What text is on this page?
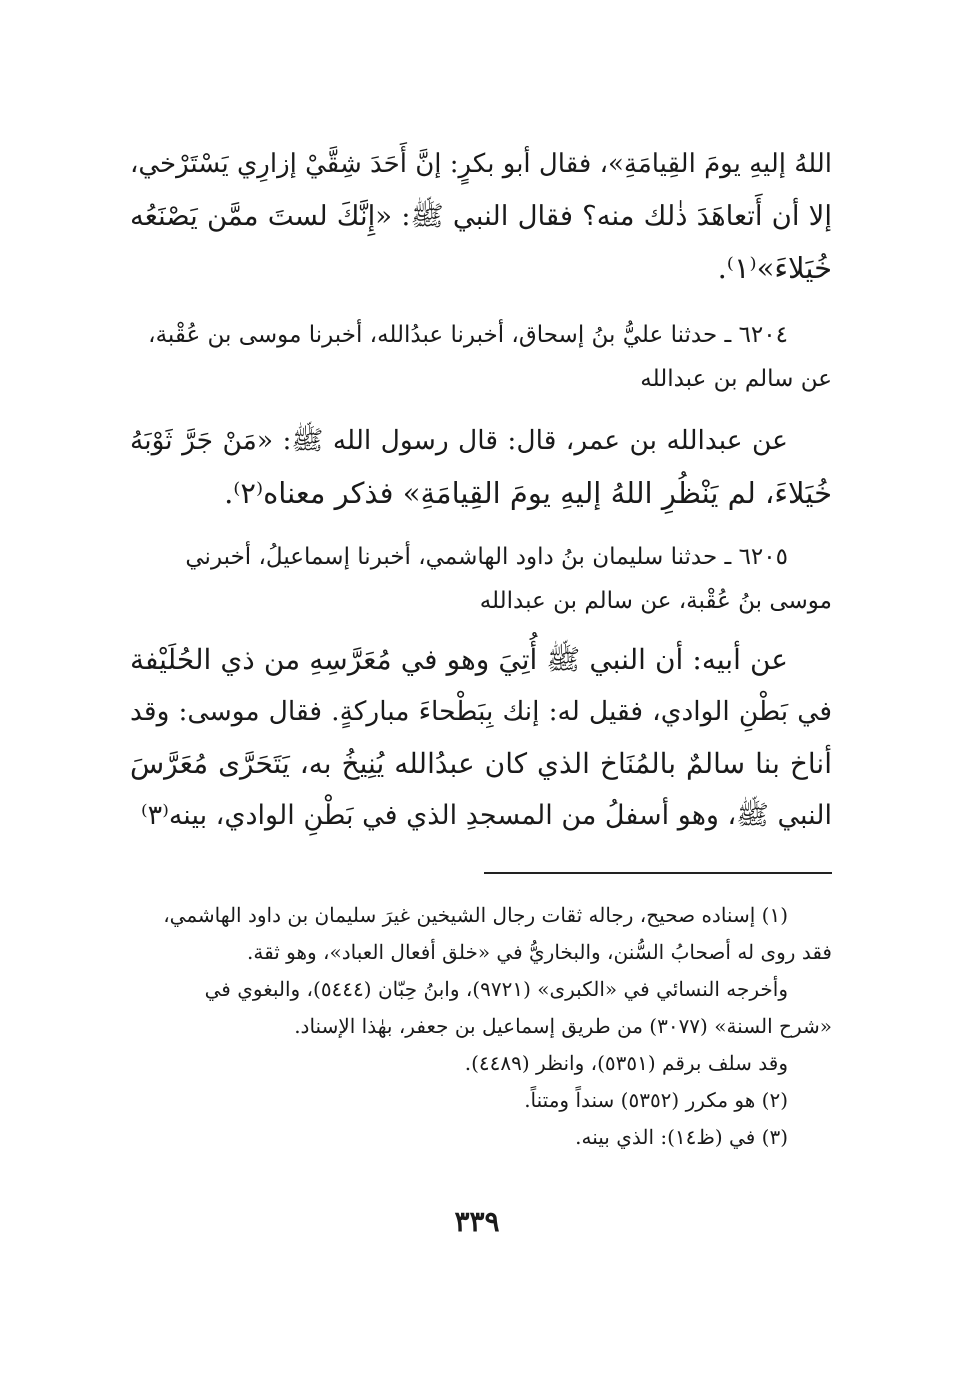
اللهُ إليهِ يومَ القِيامَةِ»، فقال أبو بكرٍ: إنَّ أَحَدَ شِقَّيْ إزارِي يَسْتَرْخي،
إلا أن أَتعاهَدَ ذٰلك منه؟ فقال النبي ﷺ: «إِنَّكَ لستَ ممَّن يَصْنَعُه
خُيَلاءَ»⁽١⁾.
٦٢٠٤ ـ حدثنا عليُّ بنُ إسحاق، أخبرنا عبدُالله، أخبرنا موسى بن عُقْبة،
عن سالم بن عبدالله
عن عبدالله بن عمر، قال: قال رسول الله ﷺ: «مَنْ جَرَّ ثَوْبَهُ
خُيَلاءَ، لم يَنْظُرِ اللهُ إليهِ يومَ القِيامَةِ» فذكر معناه⁽٢⁾.
٦٢٠٥ ـ حدثنا سليمان بنُ داود الهاشمي، أخبرنا إسماعيلُ، أخبرني
موسى بنُ عُقْبة، عن سالم بن عبدالله
عن أبيه: أن النبي ﷺ أُتِيَ وهو في مُعَرَّسِهِ من ذي الحُلَيْفة
في بَطْنِ الوادي، فقيل له: إنك بِبَطْحاءَ مباركةٍ. فقال موسى: وقد
أناخ بنا سالمٌ بالمُنَاخ الذي كان عبدُالله يُنِيخُ به، يَتَحَرَّى مُعَرَّسَ
النبي ﷺ، وهو أسفلُ من المسجدِ الذي في بَطْنِ الوادي، بينه⁽٣⁾
(١) إسناده صحيح، رجاله ثقات رجال الشيخين غيرَ سليمان بن داود الهاشمي،
فقد روى له أصحابُ السُّنن، والبخاريُّ في «خلق أفعال العباد»، وهو ثقة.
وأخرجه النسائي في «الكبرى» (٩٧٢١)، وابنُ حِبّان (٥٤٤٤)، والبغوي في
«شرح السنة» (٣٠٧٧) من طريق إسماعيل بن جعفر، بهٰذا الإسناد.
وقد سلف برقم (٥٣٥١)، وانظر (٤٤٨٩).
(٢) هو مكرر (٥٣٥٢) سنداً ومتناً.
(٣) في (ظ١٤): الذي بينه.
٣٣٩
